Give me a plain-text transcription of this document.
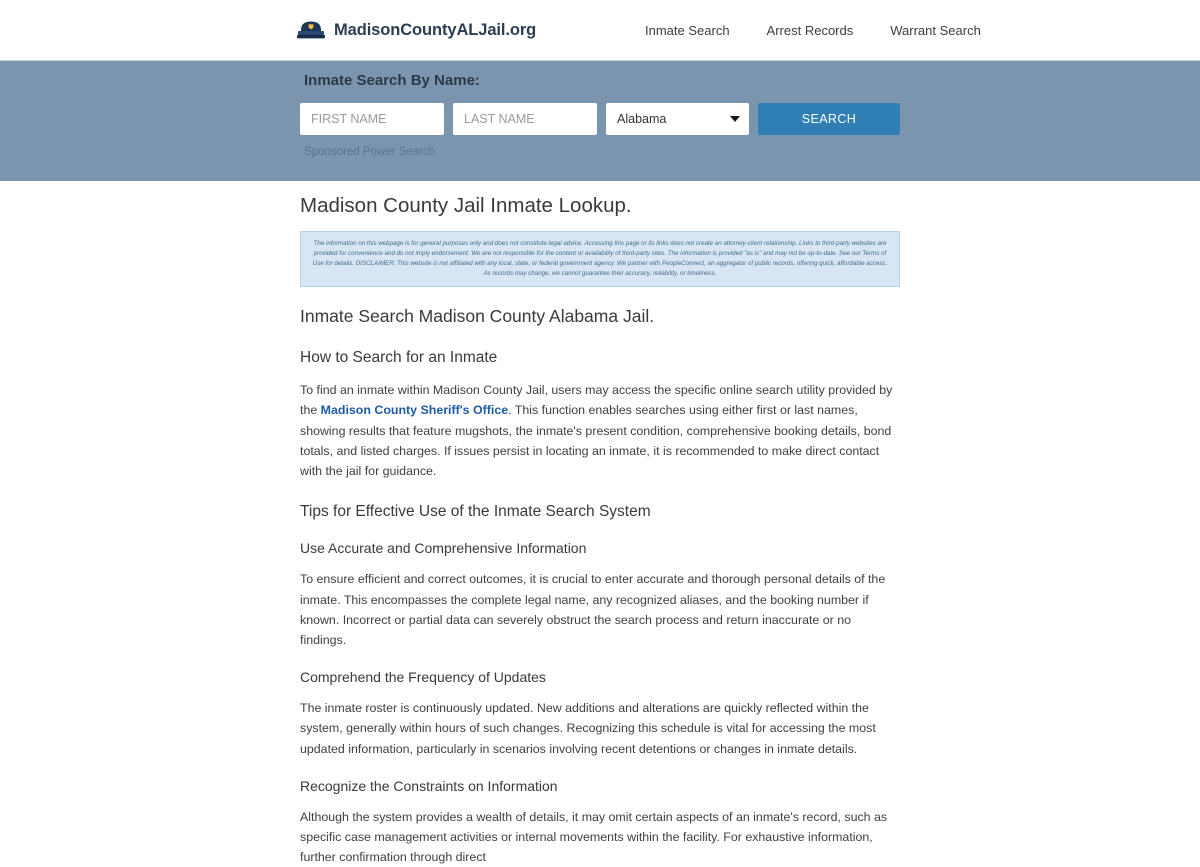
MadisonCountyALJail.org	Inmate Search	Arrest Records	Warrant Search
Inmate Search By Name:
FIRST NAME
LAST NAME
Alabama
SEARCH
Sponsored Power Search.
Madison County Jail Inmate Lookup.
The information on this webpage is for general purposes only and does not constitute legal advice. Accessing this page or its links does not create an attorney-client relationship. Links to third-party websites are provided for convenience and do not imply endorsement. We are not responsible for the content or availability of third-party sites. The information is provided "as is" and may not be up-to-date. See our Terms of Use for details. DISCLAIMER: This website is not affiliated with any local, state, or federal government agency. We partner with PeopleConnect, an aggregator of public records, offering quick, affordable access. As records may change, we cannot guarantee their accuracy, reliability, or timeliness.
Inmate Search Madison County Alabama Jail.
How to Search for an Inmate

To find an inmate within Madison County Jail, users may access the specific online search utility provided by the Madison County Sheriff's Office. This function enables searches using either first or last names, showing results that feature mugshots, the inmate's present condition, comprehensive booking details, bond totals, and listed charges. If issues persist in locating an inmate, it is recommended to make direct contact with the jail for guidance.

Tips for Effective Use of the Inmate Search System
Use Accurate and Comprehensive Information

To ensure efficient and correct outcomes, it is crucial to enter accurate and thorough personal details of the inmate. This encompasses the complete legal name, any recognized aliases, and the booking number if known. Incorrect or partial data can severely obstruct the search process and return inaccurate or no findings.

Comprehend the Frequency of Updates

The inmate roster is continuously updated. New additions and alterations are quickly reflected within the system, generally within hours of such changes. Recognizing this schedule is vital for accessing the most updated information, particularly in scenarios involving recent detentions or changes in inmate details.

Recognize the Constraints on Information

Although the system provides a wealth of details, it may omit certain aspects of an inmate's record, such as specific case management activities or internal movements within the facility. For exhaustive information, further confirmation through direct
